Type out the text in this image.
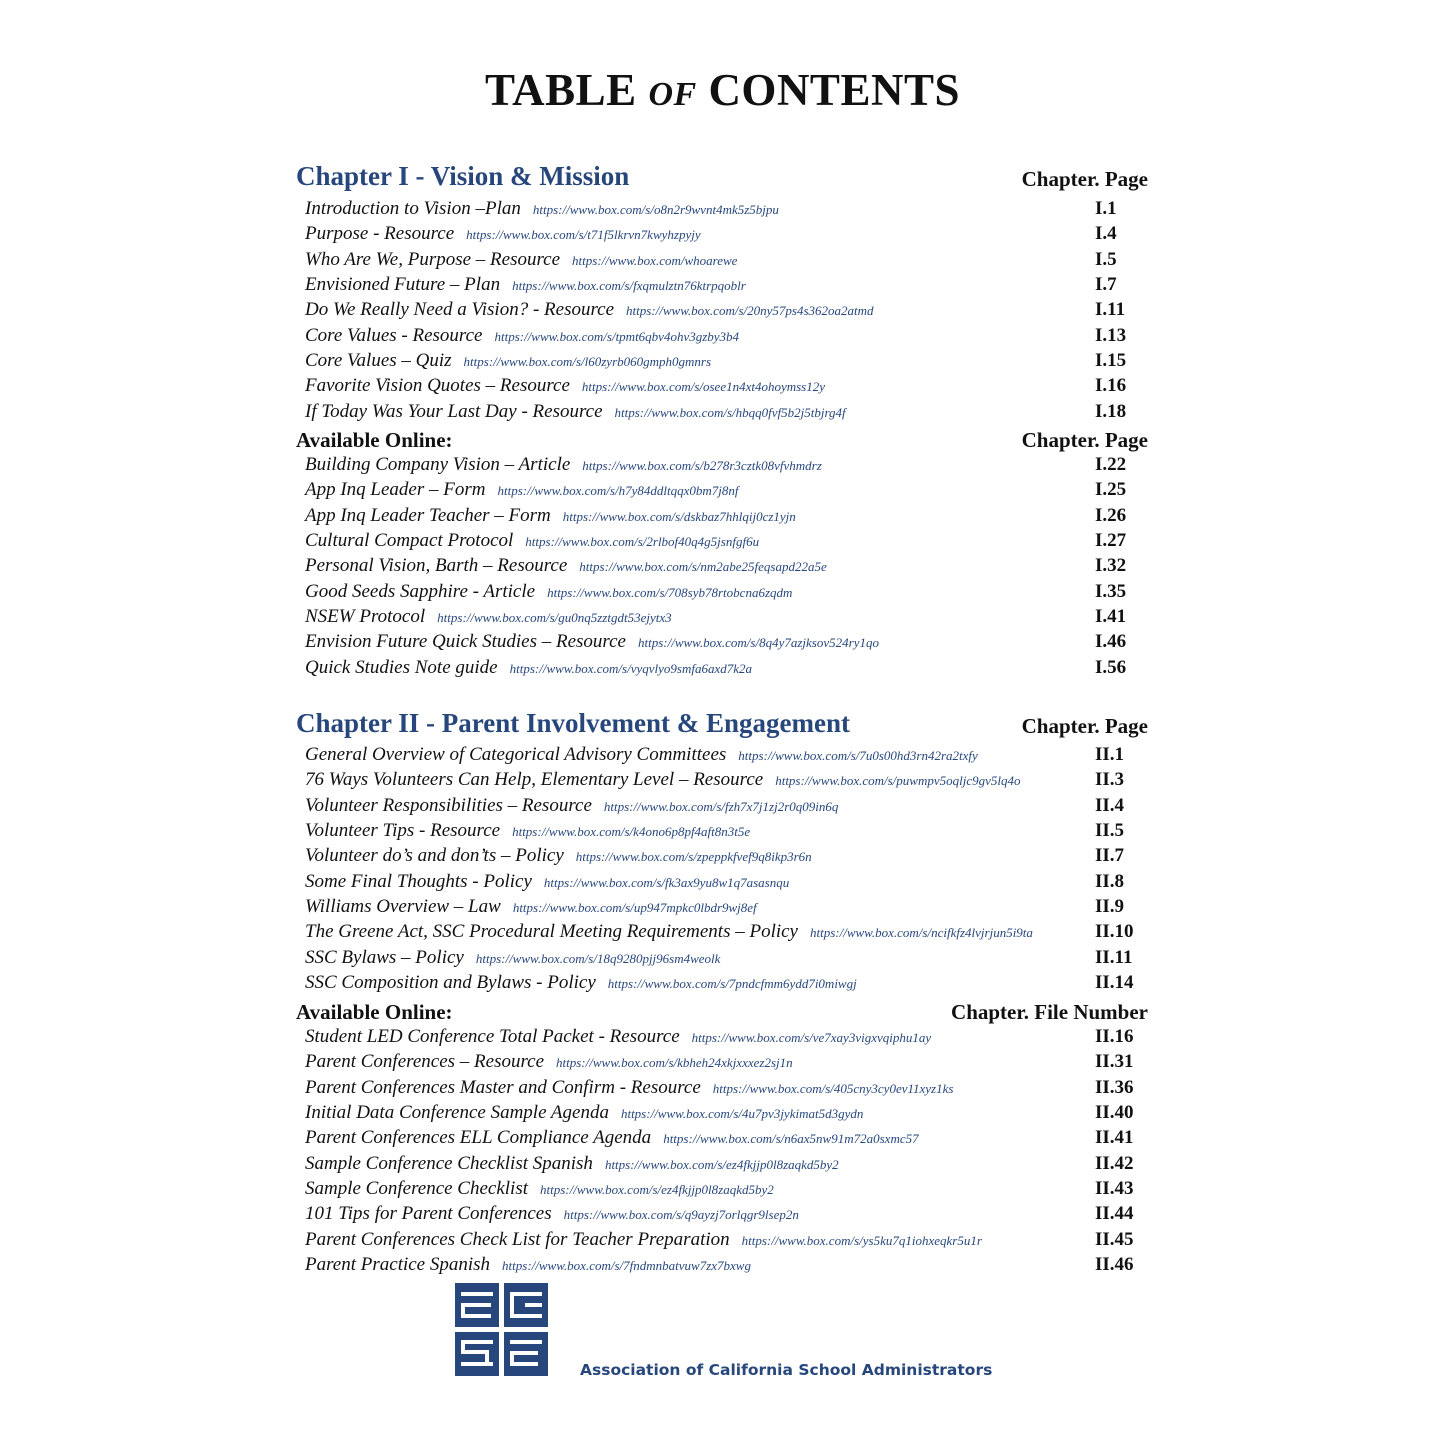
TABLE OF CONTENTS
Chapter I - Vision & Mission	Chapter. Page
Introduction to Vision –Plan https://www.box.com/s/o8n2r9wvnt4mk5z5bjpu	I.1
Purpose - Resource https://www.box.com/s/t71f5lkrvn7kwyhzpyjy	I.4
Who Are We, Purpose – Resource https://www.box.com/whoarewe	I.5
Envisioned Future – Plan https://www.box.com/s/fxqmulztn76ktrpqoblr	I.7
Do We Really Need a Vision? - Resource https://www.box.com/s/20ny57ps4s362oa2atmd	I.11
Core Values - Resource https://www.box.com/s/tpmt6qbv4ohv3gzby3b4	I.13
Core Values – Quiz https://www.box.com/s/l60zyrb060gmph0gmnrs	I.15
Favorite Vision Quotes – Resource https://www.box.com/s/osee1n4xt4ohoymss12y	I.16
If Today Was Your Last Day - Resource https://www.box.com/s/hbqq0fvf5b2j5tbjrg4f	I.18
Available Online:	Chapter. Page
Building Company Vision – Article https://www.box.com/s/b278r3cztk08vfvhmdrz	I.22
App Inq Leader – Form https://www.box.com/s/h7y84ddltqqx0bm7j8nf	I.25
App Inq Leader Teacher – Form https://www.box.com/s/dskbaz7hhlqij0cz1yjn	I.26
Cultural Compact Protocol https://www.box.com/s/2rlbof40q4g5jsnfgf6u	I.27
Personal Vision, Barth – Resource https://www.box.com/s/nm2abe25feqsapd22a5e	I.32
Good Seeds Sapphire - Article https://www.box.com/s/708syb78rtobcna6zqdm	I.35
NSEW Protocol https://www.box.com/s/gu0nq5zztgdt53ejytx3	I.41
Envision Future Quick Studies – Resource https://www.box.com/s/8q4y7azjksov524ry1qo	I.46
Quick Studies Note guide https://www.box.com/s/vyqvlyo9smfa6axd7k2a	I.56
Chapter II - Parent Involvement & Engagement	Chapter. Page
General Overview of Categorical Advisory Committees https://www.box.com/s/7u0s00hd3rn42ra2txfy	II.1
76 Ways Volunteers Can Help, Elementary Level – Resource https://www.box.com/s/puwmpv5oqljc9gv5lq4o	II.3
Volunteer Responsibilities – Resource https://www.box.com/s/fzh7x7j1zj2r0q09in6q	II.4
Volunteer Tips - Resource https://www.box.com/s/k4ono6p8pf4aft8n3t5e	II.5
Volunteer do’s and don’ts – Policy https://www.box.com/s/zpeppkfvef9q8ikp3r6n	II.7
Some Final Thoughts - Policy https://www.box.com/s/fk3ax9yu8w1q7asasnqu	II.8
Williams Overview – Law https://www.box.com/s/up947mpkc0lbdr9wj8ef	II.9
The Greene Act, SSC Procedural Meeting Requirements – Policy https://www.box.com/s/ncifkfz4lvjrjun5i9ta	II.10
SSC Bylaws – Policy https://www.box.com/s/18q9280pjj96sm4weolk	II.11
SSC Composition and Bylaws - Policy https://www.box.com/s/7pndcfmm6ydd7i0miwgj	II.14
Available Online:	Chapter. File Number
Student LED Conference Total Packet - Resource https://www.box.com/s/ve7xay3vigxvqiphu1ay	II.16
Parent Conferences – Resource https://www.box.com/s/kbheh24xkjxxxez2sj1n	II.31
Parent Conferences Master and Confirm - Resource https://www.box.com/s/405cny3cy0ev11xyz1ks	II.36
Initial Data Conference Sample Agenda https://www.box.com/s/4u7pv3jykimat5d3gydn	II.40
Parent Conferences ELL Compliance Agenda https://www.box.com/s/n6ax5nw91m72a0sxmc57	II.41
Sample Conference Checklist Spanish https://www.box.com/s/ez4fkjjp0l8zaqkd5by2	II.42
Sample Conference Checklist https://www.box.com/s/ez4fkjjp0l8zaqkd5by2	II.43
101 Tips for Parent Conferences https://www.box.com/s/q9ayzj7orlqgr9lsep2n	II.44
Parent Conferences Check List for Teacher Preparation https://www.box.com/s/ys5ku7q1iohxeqkr5u1r	II.45
Parent Practice Spanish https://www.box.com/s/7fndmnbatvuw7zx7bxwg	II.46
Association of California School Administrators
